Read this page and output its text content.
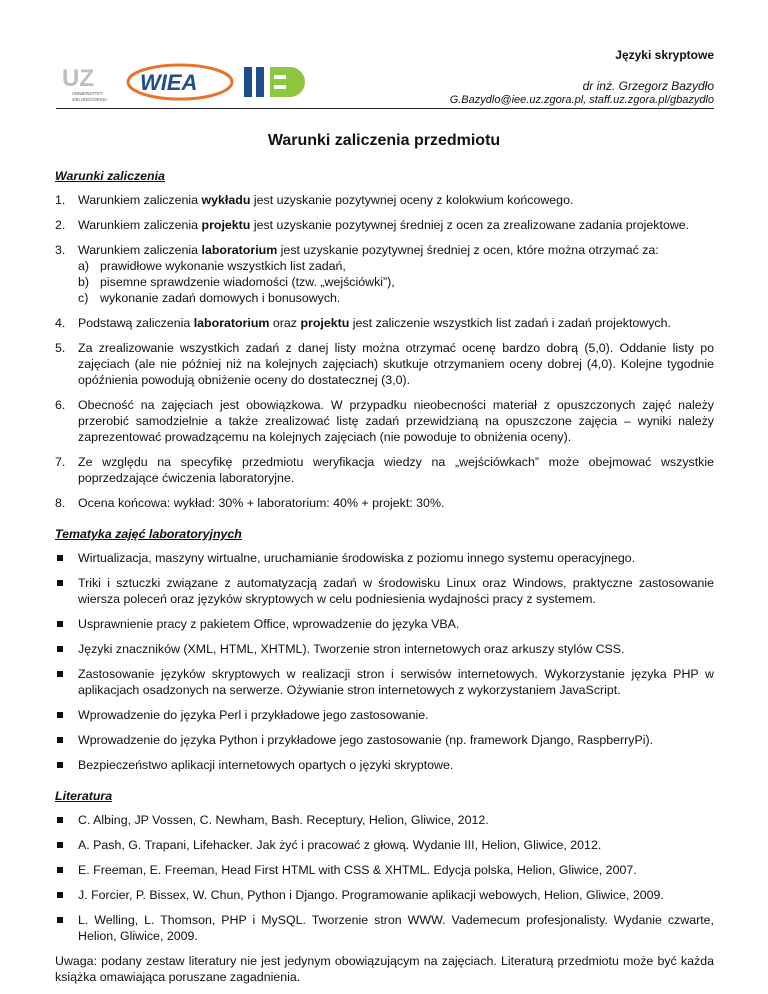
UZ
UNIWERSYTET
ZIELONOGÓRSKI
WIEA
Języki skryptowe
dr inż. Grzegorz Bazydło
G.Bazydlo@iee.uz.zgora.pl, staff.uz.zgora.pl/gbazydlo
Warunki zaliczenia przedmiotu
Warunki zaliczenia
1. Warunkiem zaliczenia wykładu jest uzyskanie pozytywnej oceny z kolokwium końcowego.
2. Warunkiem zaliczenia projektu jest uzyskanie pozytywnej średniej z ocen za zrealizowane zadania projektowe.
3. Warunkiem zaliczenia laboratorium jest uzyskanie pozytywnej średniej z ocen, które można otrzymać za:
a) prawidłowe wykonanie wszystkich list zadań,
b) pisemne sprawdzenie wiadomości (tzw. „wejściówki”),
c) wykonanie zadań domowych i bonusowych.
4. Podstawą zaliczenia laboratorium oraz projektu jest zaliczenie wszystkich list zadań i zadań projektowych.
5. Za zrealizowanie wszystkich zadań z danej listy można otrzymać ocenę bardzo dobrą (5,0). Oddanie listy po zajęciach (ale nie później niż na kolejnych zajęciach) skutkuje otrzymaniem oceny dobrej (4,0). Kolejne tygodnie opóźnienia powodują obniżenie oceny do dostatecznej (3,0).
6. Obecność na zajęciach jest obowiązkowa. W przypadku nieobecności materiał z opuszczonych zajęć należy przerobić samodzielnie a także zrealizować listę zadań przewidzianą na opuszczone zajęcia – wyniki należy zaprezentować prowadzącemu na kolejnych zajęciach (nie powoduje to obniżenia oceny).
7. Ze względu na specyfikę przedmiotu weryfikacja wiedzy na „wejściówkach” może obejmować wszystkie poprzedzające ćwiczenia laboratoryjne.
8. Ocena końcowa: wykład: 30% + laboratorium: 40% + projekt: 30%.
Tematyka zajęć laboratoryjnych
Wirtualizacja, maszyny wirtualne, uruchamianie środowiska z poziomu innego systemu operacyjnego.
Triki i sztuczki związane z automatyzacją zadań w środowisku Linux oraz Windows, praktyczne zastosowanie wiersza poleceń oraz języków skryptowych w celu podniesienia wydajności pracy z systemem.
Usprawnienie pracy z pakietem Office, wprowadzenie do języka VBA.
Języki znaczników (XML, HTML, XHTML). Tworzenie stron internetowych oraz arkuszy stylów CSS.
Zastosowanie języków skryptowych w realizacji stron i serwisów internetowych. Wykorzystanie języka PHP w aplikacjach osadzonych na serwerze. Ożywianie stron internetowych z wykorzystaniem JavaScript.
Wprowadzenie do języka Perl i przykładowe jego zastosowanie.
Wprowadzenie do języka Python i przykładowe jego zastosowanie (np. framework Django, RaspberryPi).
Bezpieczeństwo aplikacji internetowych opartych o języki skryptowe.
Literatura
C. Albing, JP Vossen, C. Newham, Bash. Receptury, Helion, Gliwice, 2012.
A. Pash, G. Trapani, Lifehacker. Jak żyć i pracować z głową. Wydanie III, Helion, Gliwice, 2012.
E. Freeman, E. Freeman, Head First HTML with CSS & XHTML. Edycja polska, Helion, Gliwice, 2007.
J. Forcier, P. Bissex, W. Chun, Python i Django. Programowanie aplikacji webowych, Helion, Gliwice, 2009.
L. Welling, L. Thomson, PHP i MySQL. Tworzenie stron WWW. Vademecum profesjonalisty. Wydanie czwarte, Helion, Gliwice, 2009.
Uwaga: podany zestaw literatury nie jest jedynym obowiązującym na zajęciach. Literaturą przedmiotu może być każda książka omawiająca poruszane zagadnienia.
